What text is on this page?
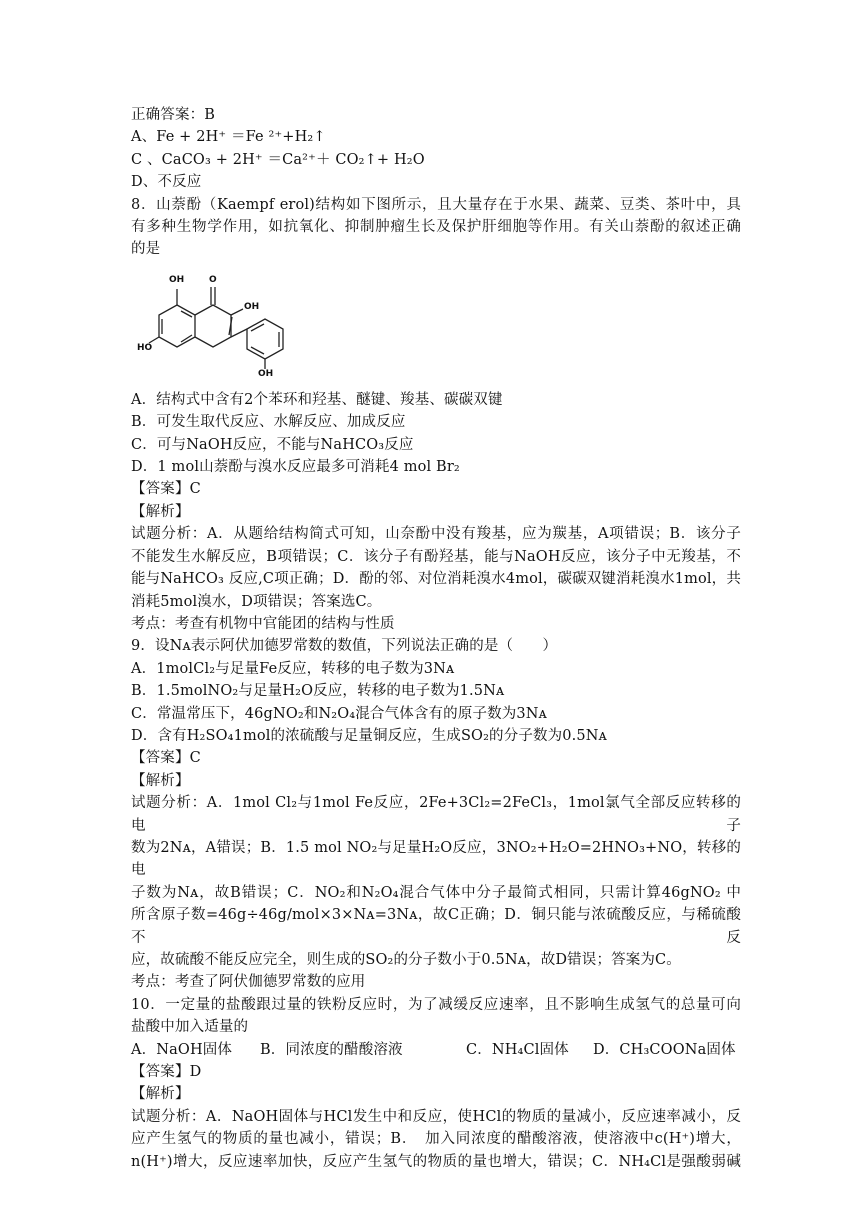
正确答案：B
A、Fe + 2H⁺ ＝Fe ²⁺+H₂↑
C 、CaCO₃ + 2H⁺ ＝Ca²⁺＋ CO₂↑+ H₂O
D、不反应
8．山萘酚（Kaempf erol)结构如下图所示，且大量存在于水果、蔬菜、豆类、茶叶中，具
有多种生物学作用，如抗氧化、抑制肿瘤生长及保护肝细胞等作用。有关山萘酚的叙述正确
的是
OH	O
OH
HO
OH
A．结构式中含有2个苯环和羟基、醚键、羧基、碳碳双键
B．可发生取代反应、水解反应、加成反应
C．可与NaOH反应，不能与NaHCO₃反应
D．1 mol山萘酚与溴水反应最多可消耗4 mol Br₂
【答案】C
【解析】
试题分析：A．从题给结构简式可知，山奈酚中没有羧基，应为羰基，A项错误；B．该分子
不能发生水解反应，B项错误；C．该分子有酚羟基，能与NaOH反应，该分子中无羧基，不
能与NaHCO₃ 反应,C项正确；D．酚的邻、对位消耗溴水4mol，碳碳双键消耗溴水1mol，共
消耗5mol溴水，D项错误；答案选C。
考点：考查有机物中官能团的结构与性质
9．设Nᴀ表示阿伏加德罗常数的数值，下列说法正确的是（　　）
A．1molCl₂与足量Fe反应，转移的电子数为3Nᴀ
B．1.5molNO₂与足量H₂O反应，转移的电子数为1.5Nᴀ
C．常温常压下，46gNO₂和N₂O₄混合气体含有的原子数为3Nᴀ
D．含有H₂SO₄1mol的浓硫酸与足量铜反应，生成SO₂的分子数为0.5Nᴀ
【答案】C
【解析】
试题分析：A．1mol Cl₂与1mol Fe反应，2Fe+3Cl₂=2FeCl₃，1mol氯气全部反应转移的电子
数为2Nᴀ，A错误；B．1.5 mol NO₂与足量H₂O反应，3NO₂+H₂O=2HNO₃+NO，转移的电
子数为Nᴀ，故B错误；C．NO₂和N₂O₄混合气体中分子最简式相同，只需计算46gNO₂ 中
所含原子数=46g÷46g/mol×3×Nᴀ=3Nᴀ，故C正确；D．铜只能与浓硫酸反应，与稀硫酸不反
应，故硫酸不能反应完全，则生成的SO₂的分子数小于0.5Nᴀ，故D错误；答案为C。
考点：考查了阿伏伽德罗常数的应用
10．一定量的盐酸跟过量的铁粉反应时，为了减缓反应速率，且不影响生成氢气的总量可向
盐酸中加入适量的
A．NaOH固体	B．同浓度的醋酸溶液	C．NH₄Cl固体	D．CH₃COONa固体
【答案】D
【解析】
试题分析：A．NaOH固体与HCl发生中和反应，使HCl的物质的量减小，反应速率减小，反
应产生氢气的物质的量也减小，错误；B．　加入同浓度的醋酸溶液，使溶液中c(H⁺)增大，
n(H⁺)增大，反应速率加快，反应产生氢气的物质的量也增大，错误；C．NH₄Cl是强酸弱碱
